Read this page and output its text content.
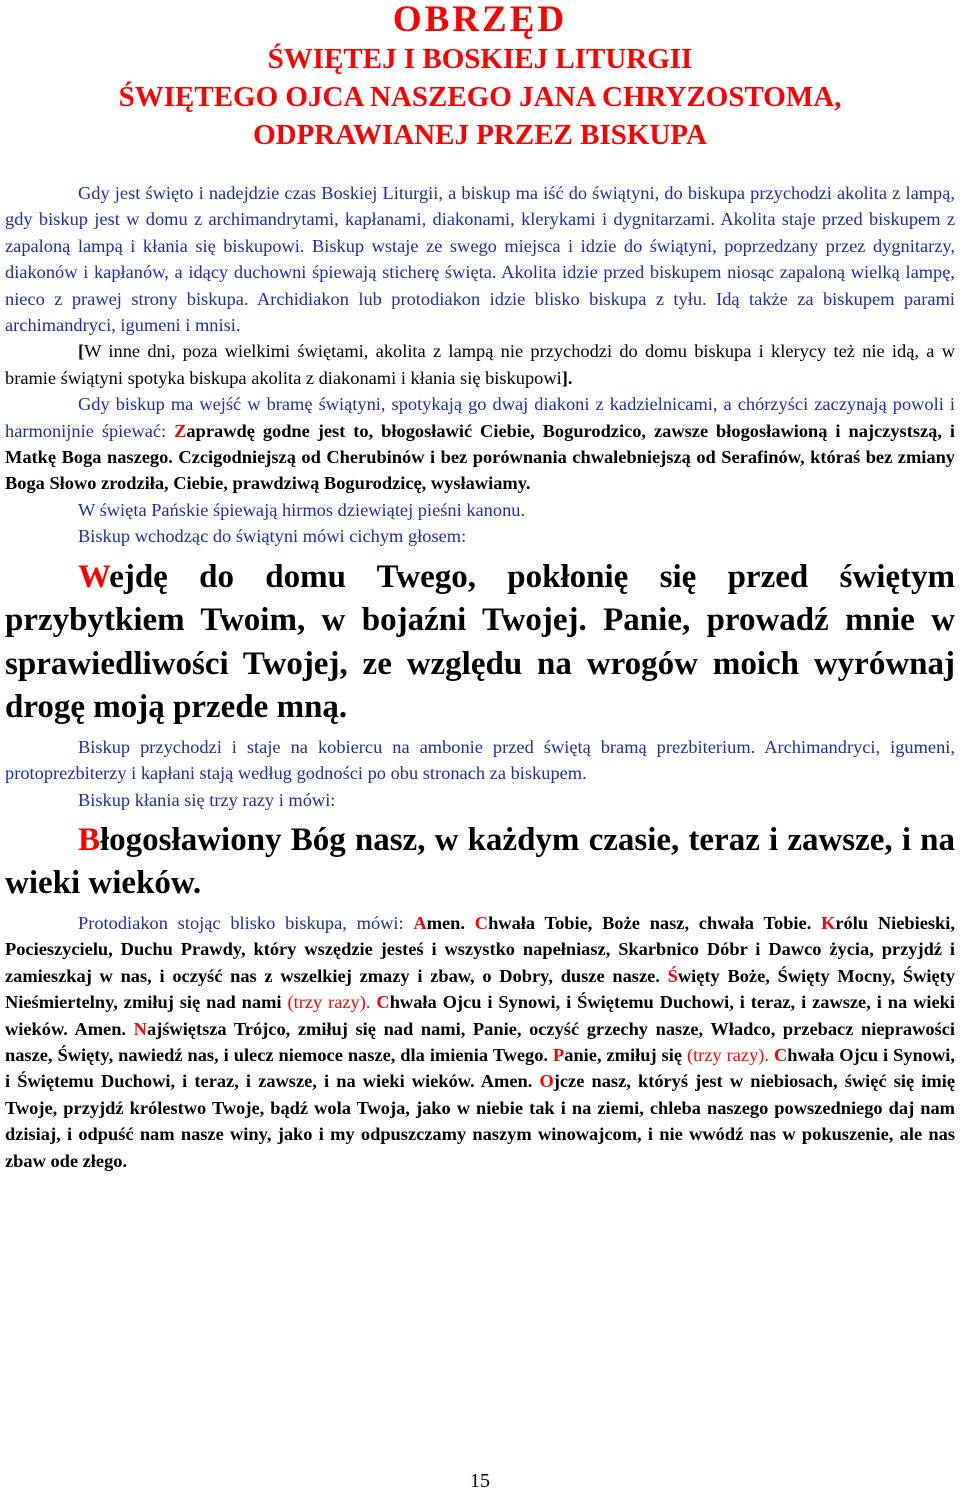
OBRZĘD
ŚWIĘTEJ I BOSKIEJ LITURGII
ŚWIĘTEGO OJCA NASZEGO JANA CHRYZOSTOMA,
ODPRAWIANEJ PRZEZ BISKUPA

Gdy jest święto i nadejdzie czas Boskiej Liturgii, a biskup ma iść do świątyni, do biskupa przychodzi akolita z lampą, gdy biskup jest w domu z archimandrytami, kapłanami, diakonami, klerykami i dygnitarzami. Akolita staje przed biskupem z zapaloną lampą i kłania się biskupowi. Biskup wstaje ze swego miejsca i idzie do świątyni, poprzedzany przez dygnitarzy, diakonów i kapłanów, a idący duchowni śpiewają sticherę święta. Akolita idzie przed biskupem niosąc zapaloną wielką lampę, nieco z prawej strony biskupa. Archidiakon lub protodiakon idzie blisko biskupa z tyłu. Idą także za biskupem parami archimandryci, igumeni i mnisi.

[W inne dni, poza wielkimi świętami, akolita z lampą nie przychodzi do domu biskupa i klerycy też nie idą, a w bramie świątyni spotyka biskupa akolita z diakonami i kłania się biskupowi].

Gdy biskup ma wejść w bramę świątyni, spotykają go dwaj diakoni z kadzielnicami, a chórzyści zaczynają powoli i harmonijnie śpiewać: Zaprawdę godne jest to, błogosławić Ciebie, Bogurodzico, zawsze błogosławioną i najczystszą, i Matkę Boga naszego. Czcigodniejszą od Cherubinów i bez porównania chwalebniejszą od Serafinów, któraś bez zmiany Boga Słowo zrodziła, Ciebie, prawdziwą Bogurodzicę, wysławiamy.

W święta Pańskie śpiewają hirmos dziewiątej pieśni kanonu.

Biskup wchodząc do świątyni mówi cichym głosem:

Wejdę do domu Twego, pokłonię się przed świętym przybytkiem Twoim, w bojaźni Twojej. Panie, prowadź mnie w sprawiedliwości Twojej, ze względu na wrogów moich wyrównaj drogę moją przede mną.

Biskup przychodzi i staje na kobiercu na ambonie przed świętą bramą prezbiterium. Archimandryci, igumeni, protoprezbiterzy i kapłani stają według godności po obu stronach za biskupem.

Biskup kłania się trzy razy i mówi:

Błogosławiony Bóg nasz, w każdym czasie, teraz i zawsze, i na wieki wieków.

Protodiakon stojąc blisko biskupa, mówi: Amen. Chwała Tobie, Boże nasz, chwała Tobie. Królu Niebieski, Pocieszycielu, Duchu Prawdy, który wszędzie jesteś i wszystko napełniasz, Skarbnico Dóbr i Dawco życia, przyjdź i zamieszkaj w nas, i oczyść nas z wszelkiej zmazy i zbaw, o Dobry, dusze nasze. Święty Boże, Święty Mocny, Święty Nieśmiertelny, zmiłuj się nad nami (trzy razy). Chwała Ojcu i Synowi, i Świętemu Duchowi, i teraz, i zawsze, i na wieki wieków. Amen. Najświętsza Trójco, zmiłuj się nad nami, Panie, oczyść grzechy nasze, Władco, przebacz nieprawości nasze, Święty, nawiedź nas, i ulecz niemoce nasze, dla imienia Twego. Panie, zmiłuj się (trzy razy). Chwała Ojcu i Synowi, i Świętemu Duchowi, i teraz, i zawsze, i na wieki wieków. Amen. Ojcze nasz, któryś jest w niebiosach, święć się imię Twoje, przyjdź królestwo Twoje, bądź wola Twoja, jako w niebie tak i na ziemi, chleba naszego powszedniego daj nam dzisiaj, i odpuść nam nasze winy, jako i my odpuszczamy naszym winowajcom, i nie wwódź nas w pokuszenie, ale nas zbaw ode złego.

15
